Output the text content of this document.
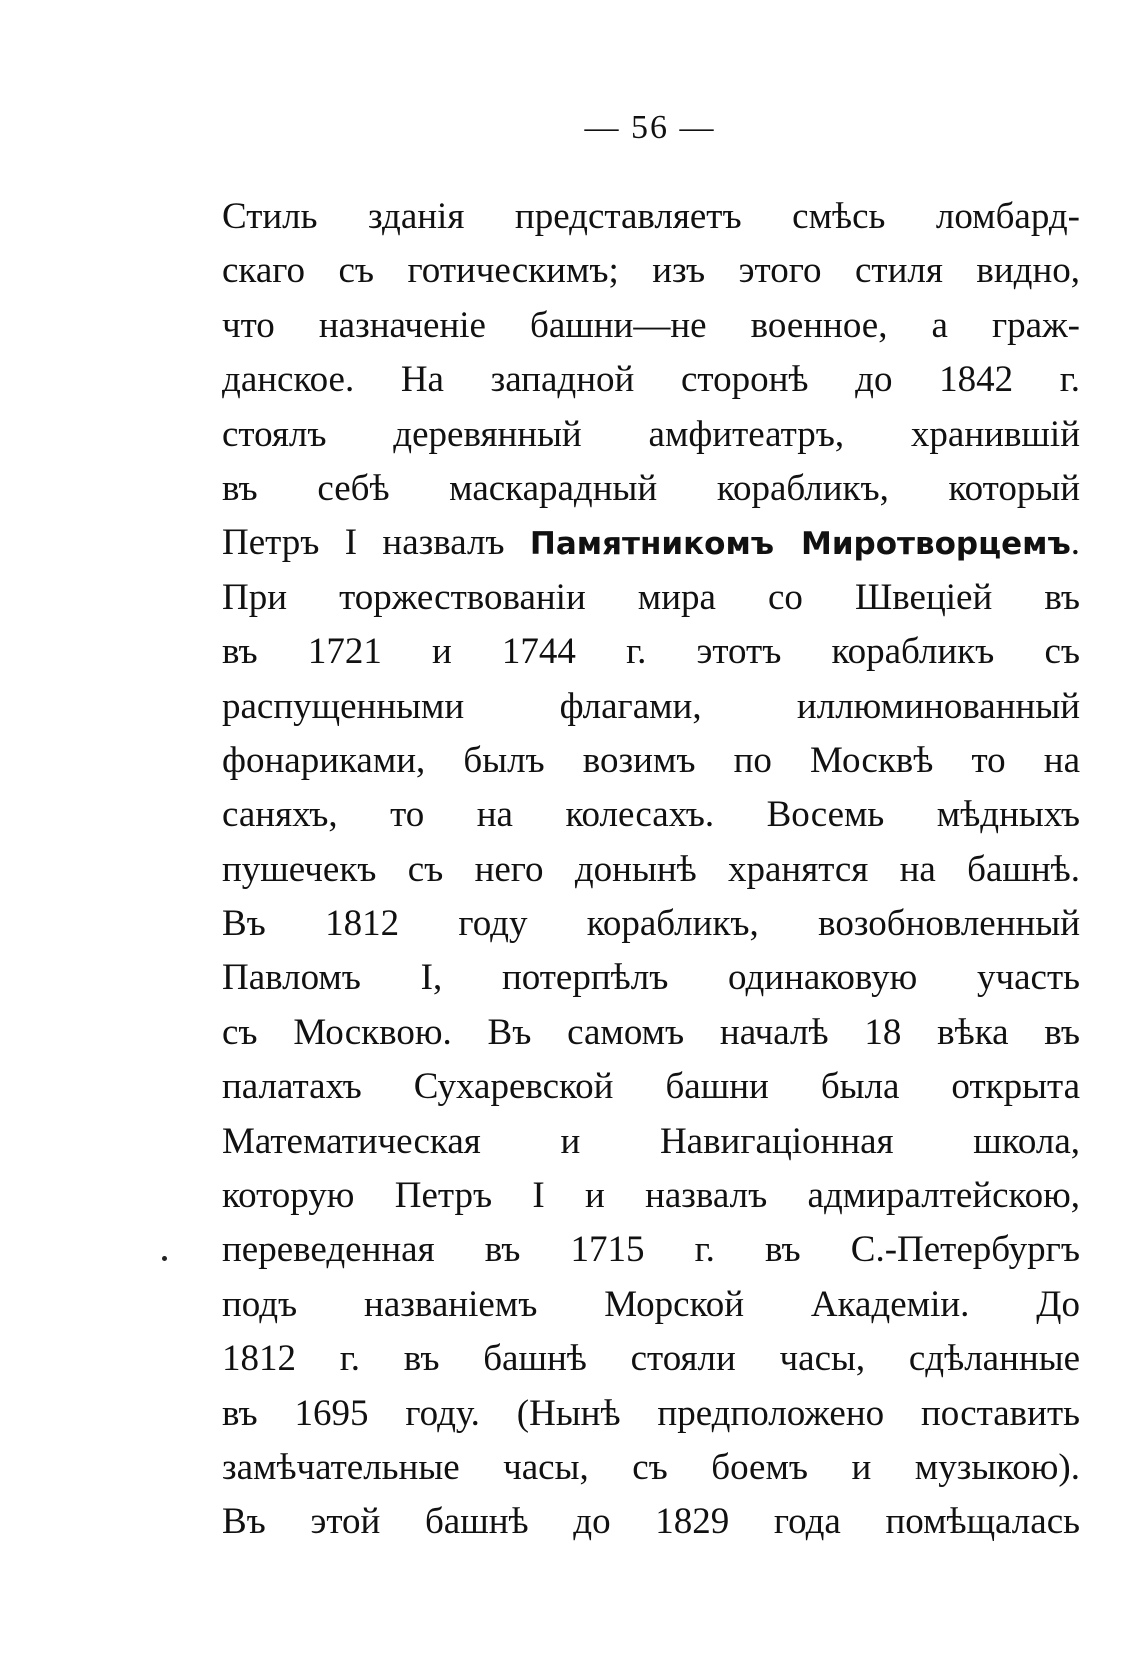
— 56 —
Стиль зданія представляетъ смѣсь ломбард-
скаго съ готическимъ; изъ этого стиля видно,
что назначеніе башни—не военное, а граж-
данское. На западной сторонѣ до 1842 г.
стоялъ деревянный амфитеатръ, хранившій
въ себѣ маскарадный корабликъ, который
Петръ I назвалъ Памятникомъ Миротворцемъ.
При торжествованіи мира со Швеціей въ
въ 1721 и 1744 г. этотъ корабликъ съ
распущенными флагами, иллюминованный
фонариками, былъ возимъ по Москвѣ то на
саняхъ, то на колесахъ. Восемь мѣдныхъ
пушечекъ съ него донынѣ хранятся на башнѣ.
Въ 1812 году корабликъ, возобновленный
Павломъ I, потерпѣлъ одинаковую участь
съ Москвою. Въ самомъ началѣ 18 вѣка въ
палатахъ Сухаревской башни была открыта
Математическая и Навигаціонная школа,
которую Петръ I и назвалъ адмиралтейскою,
переведенная въ 1715 г. въ С.-Петербургъ
подъ названіемъ Морской Академіи. До
1812 г. въ башнѣ стояли часы, сдѣланные
въ 1695 году. (Нынѣ предположено поставить
замѣчательные часы, съ боемъ и музыкою).
Въ этой башнѣ до 1829 года помѣщалась
